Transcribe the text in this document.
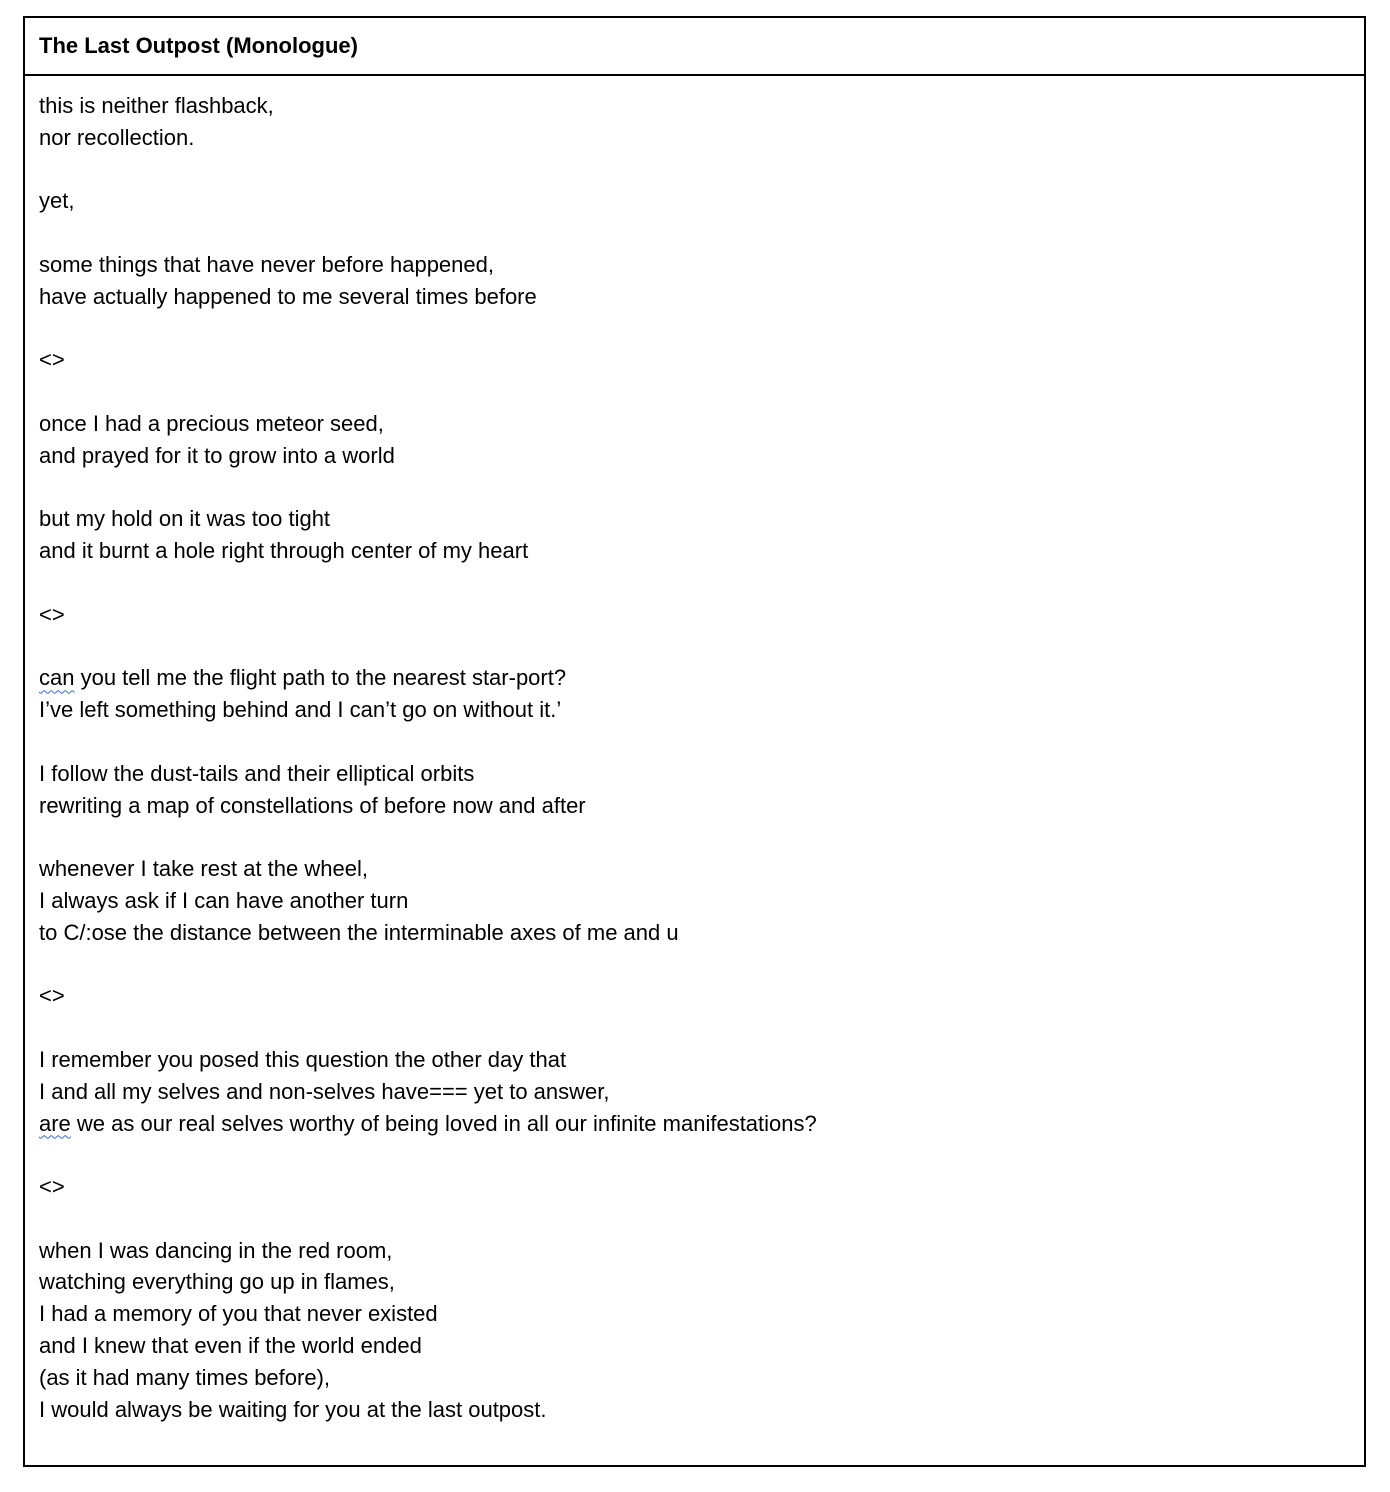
The Last Outpost (Monologue)
this is neither flashback,
nor recollection.
yet,
some things that have never before happened,
have actually happened to me several times before
<>
once I had a precious meteor seed,
and prayed for it to grow into a world
but my hold on it was too tight
and it burnt a hole right through center of my heart
<>
can you tell me the flight path to the nearest star-port?
I’ve left something behind and I can’t go on without it.’
I follow the dust-tails and their elliptical orbits
rewriting a map of constellations of before now and after
whenever I take rest at the wheel,
I always ask if I can have another turn
to C/:ose the distance between the interminable axes of me and u
<>
I remember you posed this question the other day that
I and all my selves and non-selves have=== yet to answer,
are we as our real selves worthy of being loved in all our infinite manifestations?
<>
when I was dancing in the red room,
watching everything go up in flames,
I had a memory of you that never existed
and I knew that even if the world ended
(as it had many times before),
I would always be waiting for you at the last outpost.
